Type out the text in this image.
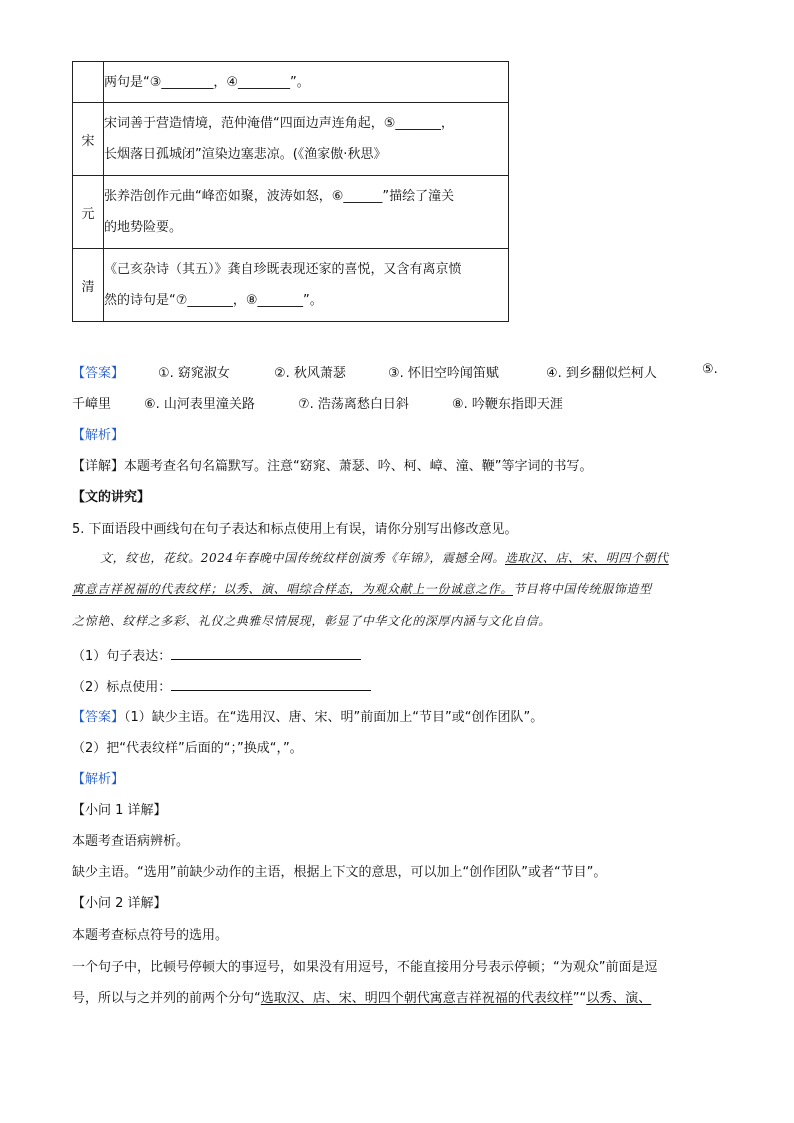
	两句是“③________，④________”。

宋	宋词善于营造情境，范仲淹借“四面边声连角起，⑤_______，
长烟落日孤城闭”渲染边塞悲凉。(《渔家傲·秋思》

元	张养浩创作元曲“峰峦如聚，波涛如怒，⑥______”描绘了潼关
的地势险要。

清	《己亥杂诗（其五）》龚自珍既表现还家的喜悦，又含有离京愤
然的诗句是“⑦_______，⑧_______”。
【答案】	①. 窈窕淑女	②. 秋风萧瑟	③. 怀旧空吟闻笛赋	④. 到乡翻似烂柯人	⑤.
千嶂里	⑥. 山河表里潼关路	⑦. 浩荡离愁白日斜	⑧. 吟鞭东指即天涯
【解析】
【详解】本题考查名句名篇默写。注意“窈窕、萧瑟、吟、柯、嶂、潼、鞭”等字词的书写。
【文的讲究】
5. 下面语段中画线句在句子表达和标点使用上有误，请你分别写出修改意见。
文，纹也，花纹。2024年春晚中国传统纹样创演秀《年锦》，震撼全网。选取汉、店、宋、明四个朝代
寓意吉祥祝福的代表纹样；以秀、演、唱综合样态，为观众献上一份诚意之作。节目将中国传统服饰造型
之惊艳、纹样之多彩、礼仪之典雅尽情展现，彰显了中华文化的深厚内涵与文化自信。
（1）句子表达：
（2）标点使用：
【答案】（1）缺少主语。在“选用汉、唐、宋、明”前面加上“节目”或“创作团队”。
（2）把“代表纹样”后面的“；”换成“，”。
【解析】
【小问 1 详解】
本题考查语病辨析。
缺少主语。“选用”前缺少动作的主语，根据上下文的意思，可以加上“创作团队”或者“节目”。
【小问 2 详解】
本题考查标点符号的选用。
一个句子中，比顿号停顿大的事逗号，如果没有用逗号，不能直接用分号表示停顿；“为观众”前面是逗
号，所以与之并列的前两个分句“选取汉、店、宋、明四个朝代寓意吉祥祝福的代表纹样”“以秀、演、
